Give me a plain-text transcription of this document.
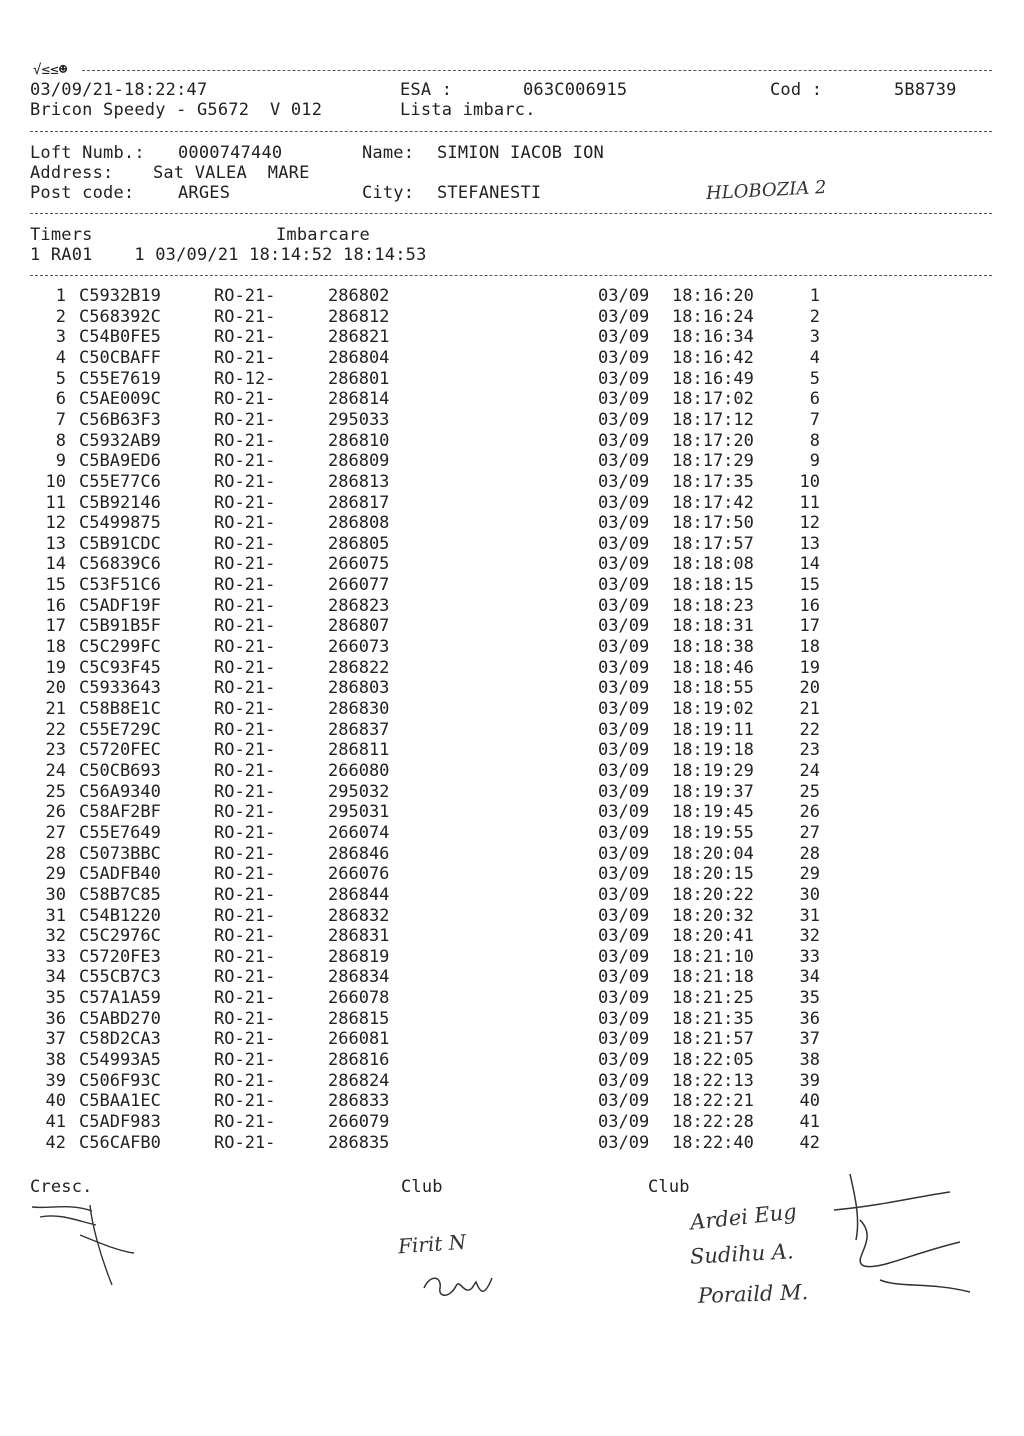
√≤≤☻
03/09/21-18:22:47	ESA :	063C006915	Cod :	5B8739
Bricon Speedy - G5672  V 012	Lista imbarc.
Loft Numb.: 0000747440	Name: SIMION IACOB ION
Address: Sat VALEA  MARE
Post code:	ARGES	City: STEFANESTI	HLOBOZIA 2
Timers	Imbarcare
1 RA01    1 03/09/21 18:14:52 18:14:53
1 C5932B19	RO-21-	286802	03/09 18:16:20	1
2 C568392C	RO-21-	286812	03/09 18:16:24	2
3 C54B0FE5	RO-21-	286821	03/09 18:16:34	3
4 C50CBAFF	RO-21-	286804	03/09 18:16:42	4
5 C55E7619	RO-12-	286801	03/09 18:16:49	5
6 C5AE009C	RO-21-	286814	03/09 18:17:02	6
7 C56B63F3	RO-21-	295033	03/09 18:17:12	7
8 C5932AB9	RO-21-	286810	03/09 18:17:20	8
9 C5BA9ED6	RO-21-	286809	03/09 18:17:29	9
10 C55E77C6	RO-21-	286813	03/09 18:17:35	10
11 C5B92146	RO-21-	286817	03/09 18:17:42	11
12 C5499875	RO-21-	286808	03/09 18:17:50	12
13 C5B91CDC	RO-21-	286805	03/09 18:17:57	13
14 C56839C6	RO-21-	266075	03/09 18:18:08	14
15 C53F51C6	RO-21-	266077	03/09 18:18:15	15
16 C5ADF19F	RO-21-	286823	03/09 18:18:23	16
17 C5B91B5F	RO-21-	286807	03/09 18:18:31	17
18 C5C299FC	RO-21-	266073	03/09 18:18:38	18
19 C5C93F45	RO-21-	286822	03/09 18:18:46	19
20 C5933643	RO-21-	286803	03/09 18:18:55	20
21 C58B8E1C	RO-21-	286830	03/09 18:19:02	21
22 C55E729C	RO-21-	286837	03/09 18:19:11	22
23 C5720FEC	RO-21-	286811	03/09 18:19:18	23
24 C50CB693	RO-21-	266080	03/09 18:19:29	24
25 C56A9340	RO-21-	295032	03/09 18:19:37	25
26 C58AF2BF	RO-21-	295031	03/09 18:19:45	26
27 C55E7649	RO-21-	266074	03/09 18:19:55	27
28 C5073BBC	RO-21-	286846	03/09 18:20:04	28
29 C5ADFB40	RO-21-	266076	03/09 18:20:15	29
30 C58B7C85	RO-21-	286844	03/09 18:20:22	30
31 C54B1220	RO-21-	286832	03/09 18:20:32	31
32 C5C2976C	RO-21-	286831	03/09 18:20:41	32
33 C5720FE3	RO-21-	286819	03/09 18:21:10	33
34 C55CB7C3	RO-21-	286834	03/09 18:21:18	34
35 C57A1A59	RO-21-	266078	03/09 18:21:25	35
36 C5ABD270	RO-21-	286815	03/09 18:21:35	36
37 C58D2CA3	RO-21-	266081	03/09 18:21:57	37
38 C54993A5	RO-21-	286816	03/09 18:22:05	38
39 C506F93C	RO-21-	286824	03/09 18:22:13	39
40 C5BAA1EC	RO-21-	286833	03/09 18:22:21	40
41 C5ADF983	RO-21-	266079	03/09 18:22:28	41
42 C56CAFB0	RO-21-	286835	03/09 18:22:40	42
Cresc.	Club	Club
Firit N
Ardei Eug
Sudihu A.
Poraild M.
